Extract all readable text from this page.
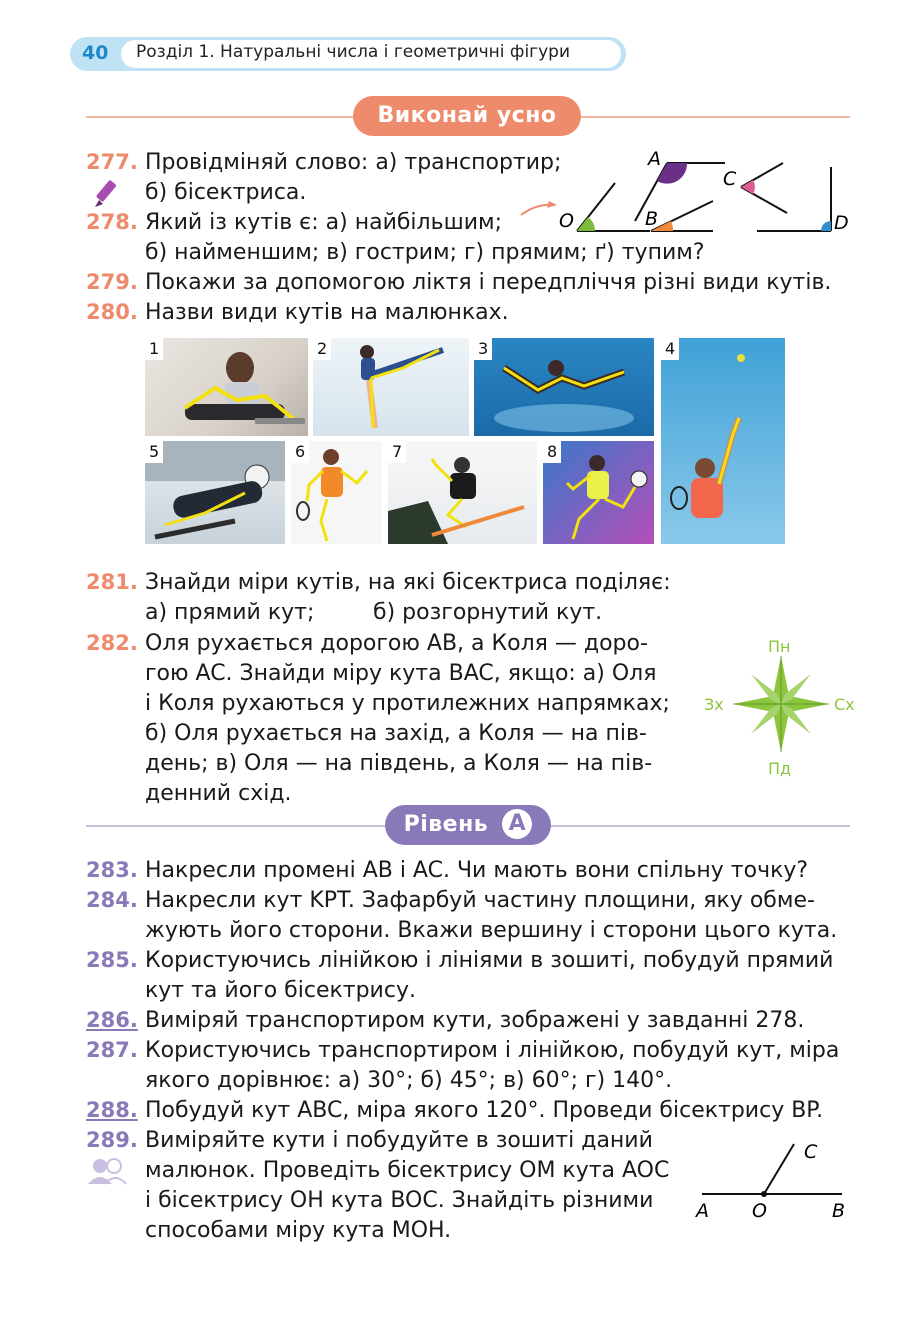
40 Розділ 1. Натуральні числа і геометричні фігури
Виконай усно
277. Провідміняй слово: а) транспортир;
б) бісектриса.
278. Який із кутів є: а) найбільшим;
б) найменшим; в) гострим; г) прямим; ґ) тупим?
A
C
O	B	D
279. Покажи за допомогою ліктя і передпліччя різні види кутів.
280. Назви види кутів на малюнках.
1	2	3	4
5	6	7	8
281. Знайди міри кутів, на які бісектриса поділяє:
а) прямий кут;	б) розгорнутий кут.
282. Оля рухається дорогою AB, а Коля — доро-
гою AC. Знайди міру кута BAC, якщо: а) Оля
і Коля рухаються у протилежних напрямках;
б) Оля рухається на захід, а Коля — на пів-
день; в) Оля — на південь, а Коля — на пів-
денний схід.
Пн
Пд
Зх	Сх
Рівень А
283. Накресли промені AB і AC. Чи мають вони спільну точку?
284. Накресли кут KPT. Зафарбуй частину площини, яку обме-
жують його сторони. Вкажи вершину і сторони цього кута.
285. Користуючись лінійкою і лініями в зошиті, побудуй прямий
кут та його бісектрису.
286. Виміряй транспортиром кути, зображені у завданні 278.
287. Користуючись транспортиром і лінійкою, побудуй кут, міра
якого дорівнює: а) 30°; б) 45°; в) 60°; г) 140°.
288. Побудуй кут ABC, міра якого 120°. Проведи бісектрису BP.
289. Виміряйте кути і побудуйте в зошиті даний
малюнок. Проведіть бісектрису OM кута AOC
і бісектрису OH кута BOC. Знайдіть різними
способами міру кута MOH.
C
A O	B
